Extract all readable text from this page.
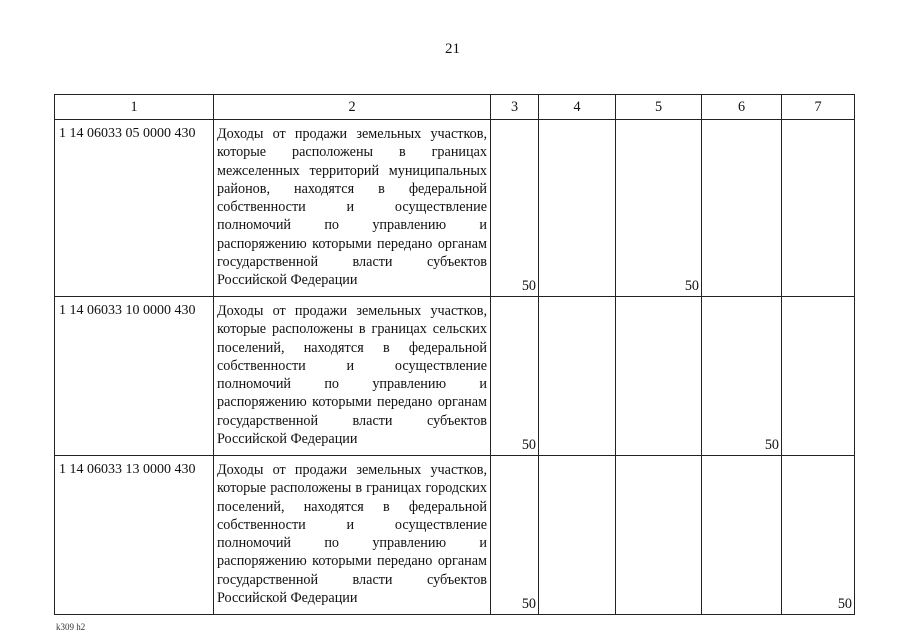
21
1	2	3	4	5	6	7
1 14 06033 05 0000 430	Доходы от продажи земельных участков, которые расположены в границах межселенных территорий муниципальных районов, находятся в федеральной собственности и осуществление полномочий по управлению и распоряжению которыми передано органам государственной власти субъектов Российской Федерации	50		50		
1 14 06033 10 0000 430	Доходы от продажи земельных участков, которые расположены в границах сельских поселений, находятся в федеральной собственности и осуществление полномочий по управлению и распоряжению которыми передано органам государственной власти субъектов Российской Федерации	50			50	
1 14 06033 13 0000 430	Доходы от продажи земельных участков, которые расположены в границах городских поселений, находятся в федеральной собственности и осуществление полномочий по управлению и распоряжению которыми передано органам государственной власти субъектов Российской Федерации	50				50
k309 h2
